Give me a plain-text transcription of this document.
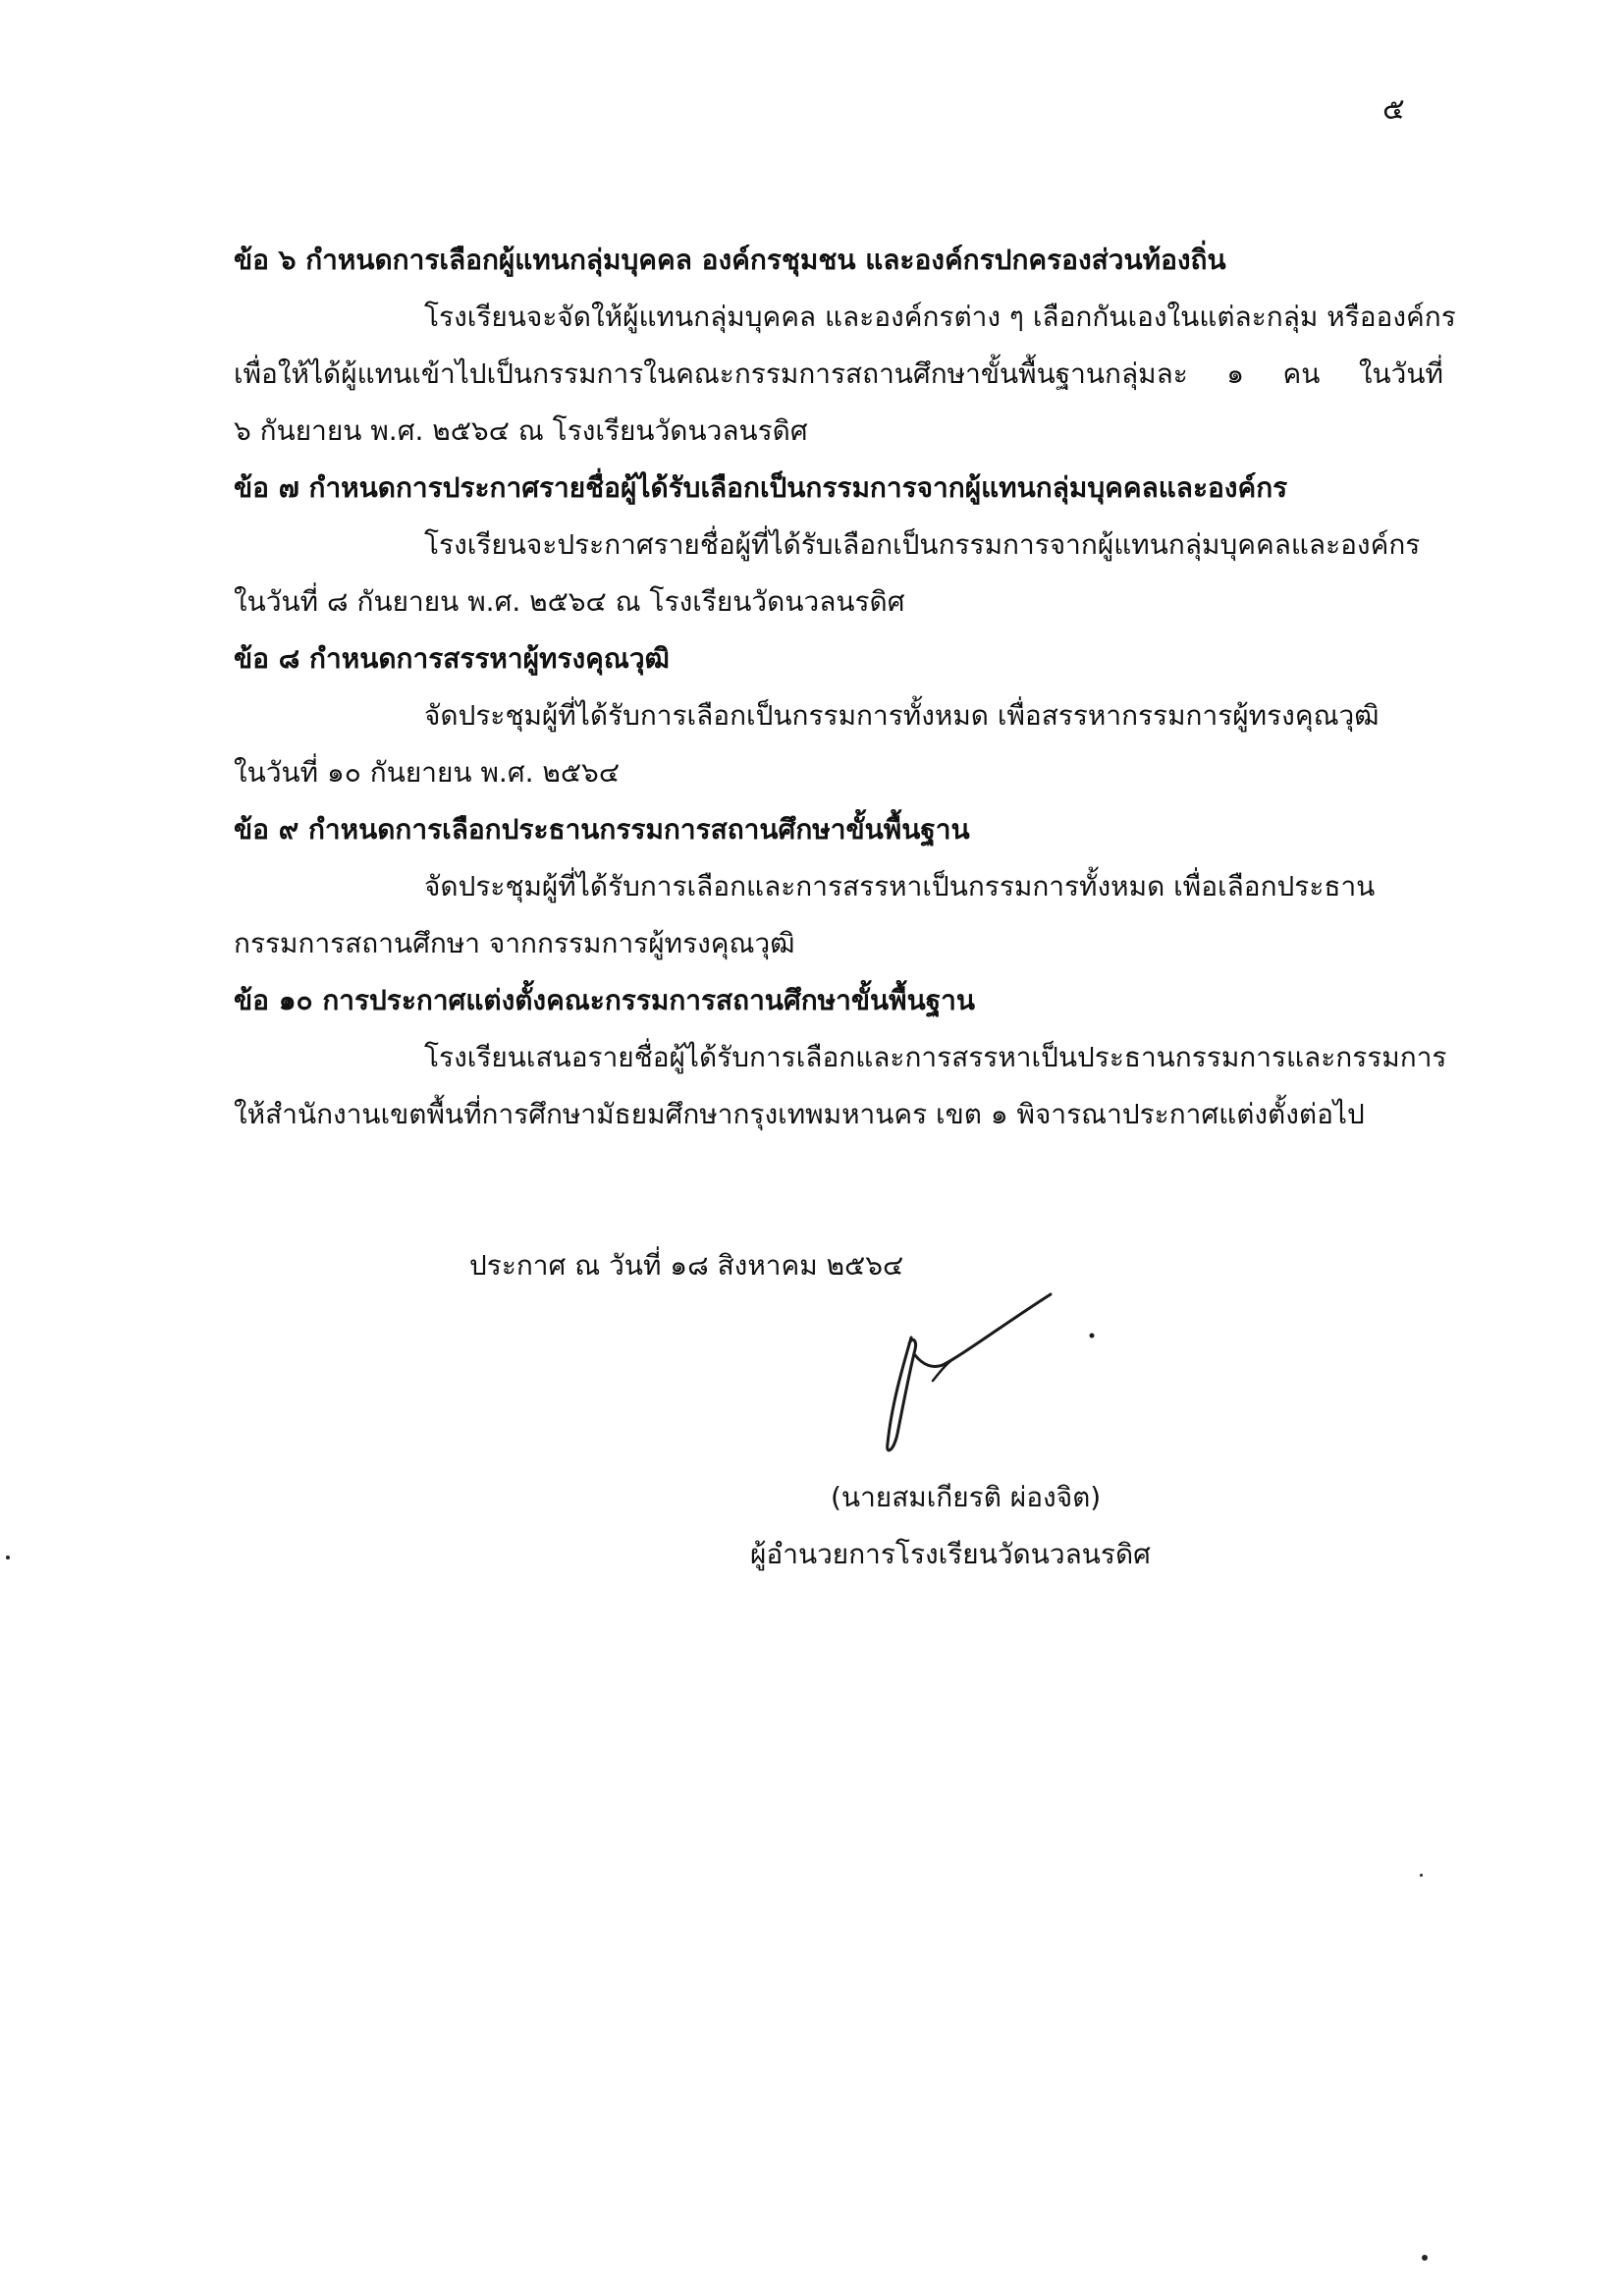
๕
ข้อ ๖ กำหนดการเลือกผู้แทนกลุ่มบุคคล องค์กรชุมชน และองค์กรปกครองส่วนท้องถิ่น
โรงเรียนจะจัดให้ผู้แทนกลุ่มบุคคล และองค์กรต่าง ๆ เลือกกันเองในแต่ละกลุ่ม หรือองค์กร
เพื่อให้ได้ผู้แทนเข้าไปเป็นกรรมการในคณะกรรมการสถานศึกษาขั้นพื้นฐานกลุ่มละ ๑ คน ในวันที่
๖ กันยายน พ.ศ. ๒๕๖๔ ณ โรงเรียนวัดนวลนรดิศ
ข้อ ๗ กำหนดการประกาศรายชื่อผู้ได้รับเลือกเป็นกรรมการจากผู้แทนกลุ่มบุคคลและองค์กร
โรงเรียนจะประกาศรายชื่อผู้ที่ได้รับเลือกเป็นกรรมการจากผู้แทนกลุ่มบุคคลและองค์กร
ในวันที่ ๘ กันยายน พ.ศ. ๒๕๖๔ ณ โรงเรียนวัดนวลนรดิศ
ข้อ ๘ กำหนดการสรรหาผู้ทรงคุณวุฒิ
จัดประชุมผู้ที่ได้รับการเลือกเป็นกรรมการทั้งหมด เพื่อสรรหากรรมการผู้ทรงคุณวุฒิ
ในวันที่ ๑๐ กันยายน พ.ศ. ๒๕๖๔
ข้อ ๙ กำหนดการเลือกประธานกรรมการสถานศึกษาขั้นพื้นฐาน
จัดประชุมผู้ที่ได้รับการเลือกและการสรรหาเป็นกรรมการทั้งหมด เพื่อเลือกประธาน
กรรมการสถานศึกษา จากกรรมการผู้ทรงคุณวุฒิ
ข้อ ๑๐ การประกาศแต่งตั้งคณะกรรมการสถานศึกษาขั้นพื้นฐาน
โรงเรียนเสนอรายชื่อผู้ได้รับการเลือกและการสรรหาเป็นประธานกรรมการและกรรมการ
ให้สำนักงานเขตพื้นที่การศึกษามัธยมศึกษากรุงเทพมหานคร เขต ๑ พิจารณาประกาศแต่งตั้งต่อไป
ประกาศ ณ วันที่ ๑๘ สิงหาคม ๒๕๖๔
(นายสมเกียรติ ผ่องจิต)
ผู้อำนวยการโรงเรียนวัดนวลนรดิศ
